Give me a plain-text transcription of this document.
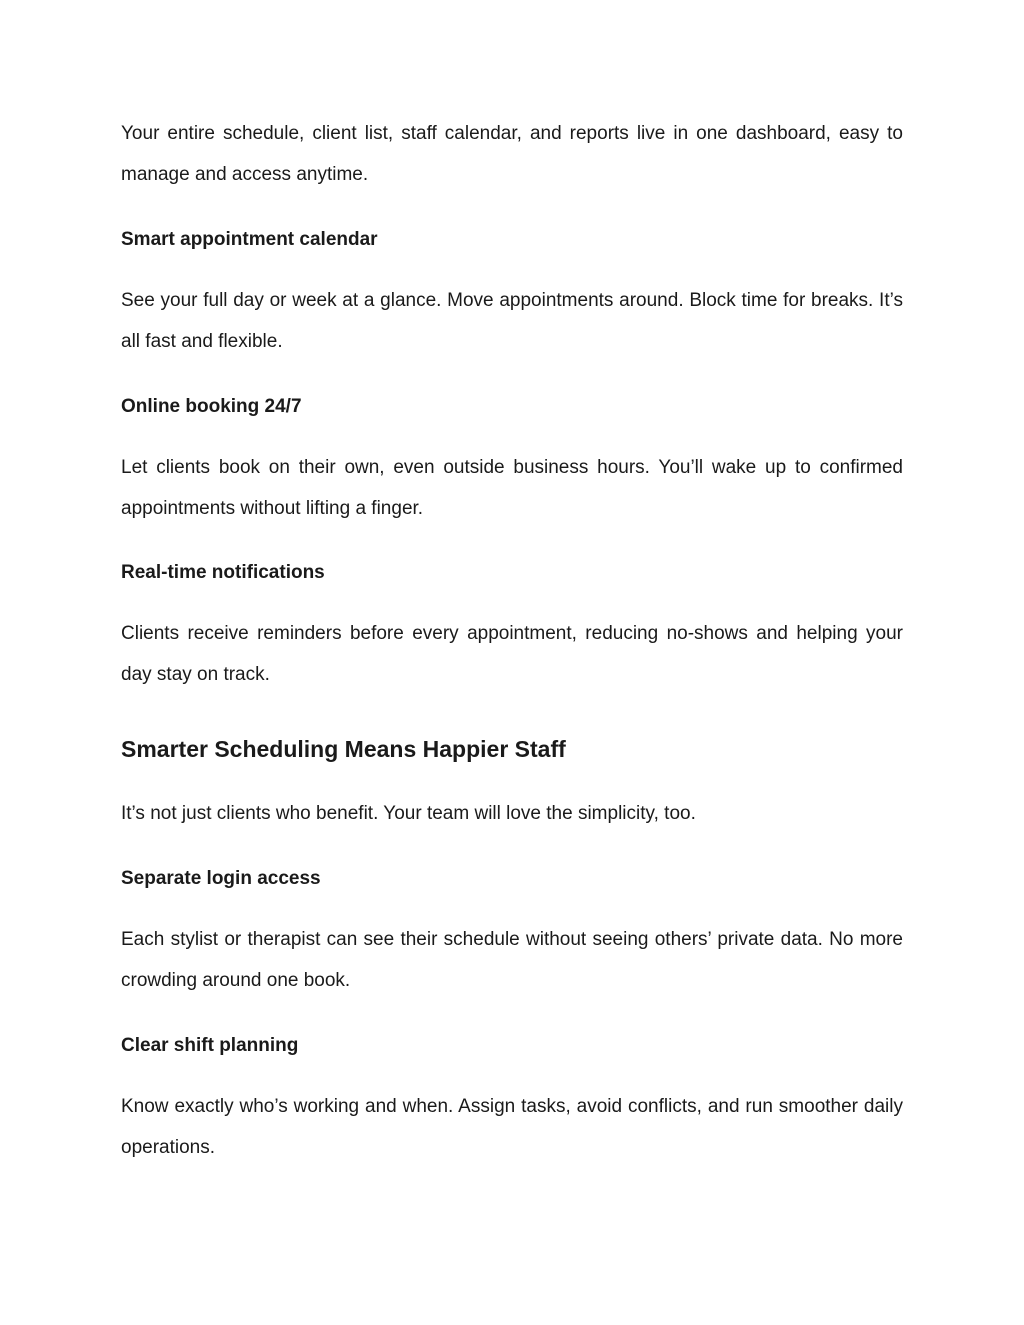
Your entire schedule, client list, staff calendar, and reports live in one dashboard, easy to manage and access anytime.

Smart appointment calendar

See your full day or week at a glance. Move appointments around. Block time for breaks. It’s all fast and flexible.

Online booking 24/7

Let clients book on their own, even outside business hours. You’ll wake up to confirmed appointments without lifting a finger.

Real-time notifications

Clients receive reminders before every appointment, reducing no-shows and helping your day stay on track.

Smarter Scheduling Means Happier Staff

It’s not just clients who benefit. Your team will love the simplicity, too.

Separate login access

Each stylist or therapist can see their schedule without seeing others’ private data. No more crowding around one book.

Clear shift planning

Know exactly who’s working and when. Assign tasks, avoid conflicts, and run smoother daily operations.
